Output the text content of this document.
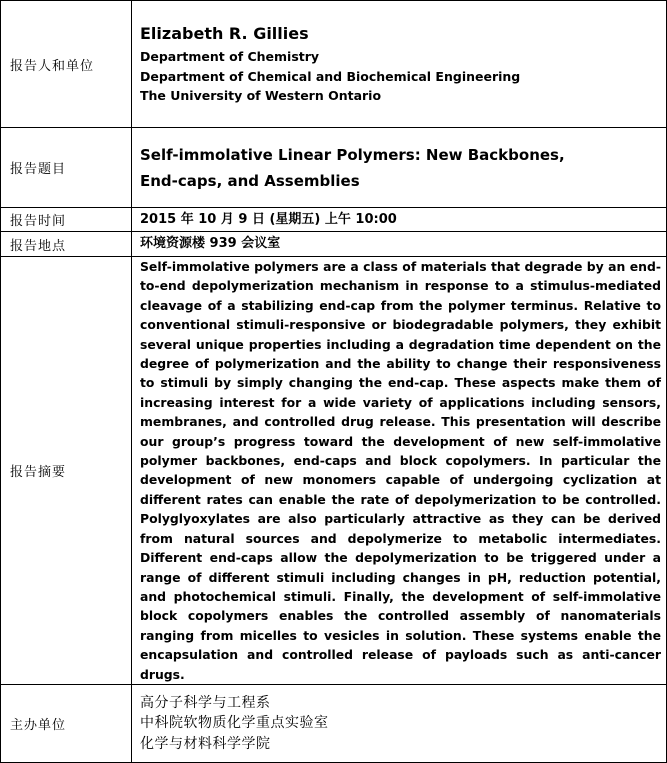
报告人和单位	Elizabeth R. Gillies
Department of Chemistry
Department of Chemical and Biochemical Engineering
The University of Western Ontario

报告题目	Self-immolative Linear Polymers: New Backbones,
End-caps, and Assemblies

报告时间	2015 年 10 月 9 日 (星期五) 上午 10:00
报告地点	环境资源楼 939 会议室
报告摘要	Self-immolative polymers are a class of materials that degrade by an end-to-end depolymerization mechanism in response to a stimulus-mediated cleavage of a stabilizing end-cap from the polymer terminus. Relative to conventional stimuli-responsive or biodegradable polymers, they exhibit several unique properties including a degradation time dependent on the degree of polymerization and the ability to change their responsiveness to stimuli by simply changing the end-cap. These aspects make them of increasing interest for a wide variety of applications including sensors, membranes, and controlled drug release. This presentation will describe our group’s progress toward the development of new self-immolative polymer backbones, end-caps and block copolymers. In particular the development of new monomers capable of undergoing cyclization at different rates can enable the rate of depolymerization to be controlled. Polyglyoxylates are also particularly attractive as they can be derived from natural sources and depolymerize to metabolic intermediates. Different end-caps allow the depolymerization to be triggered under a range of different stimuli including changes in pH, reduction potential, and photochemical stimuli. Finally, the development of self-immolative block copolymers enables the controlled assembly of nanomaterials ranging from micelles to vesicles in solution. These systems enable the encapsulation and controlled release of payloads such as anti-cancer drugs.

主办单位	高分子科学与工程系
中科院软物质化学重点实验室
化学与材料科学学院
